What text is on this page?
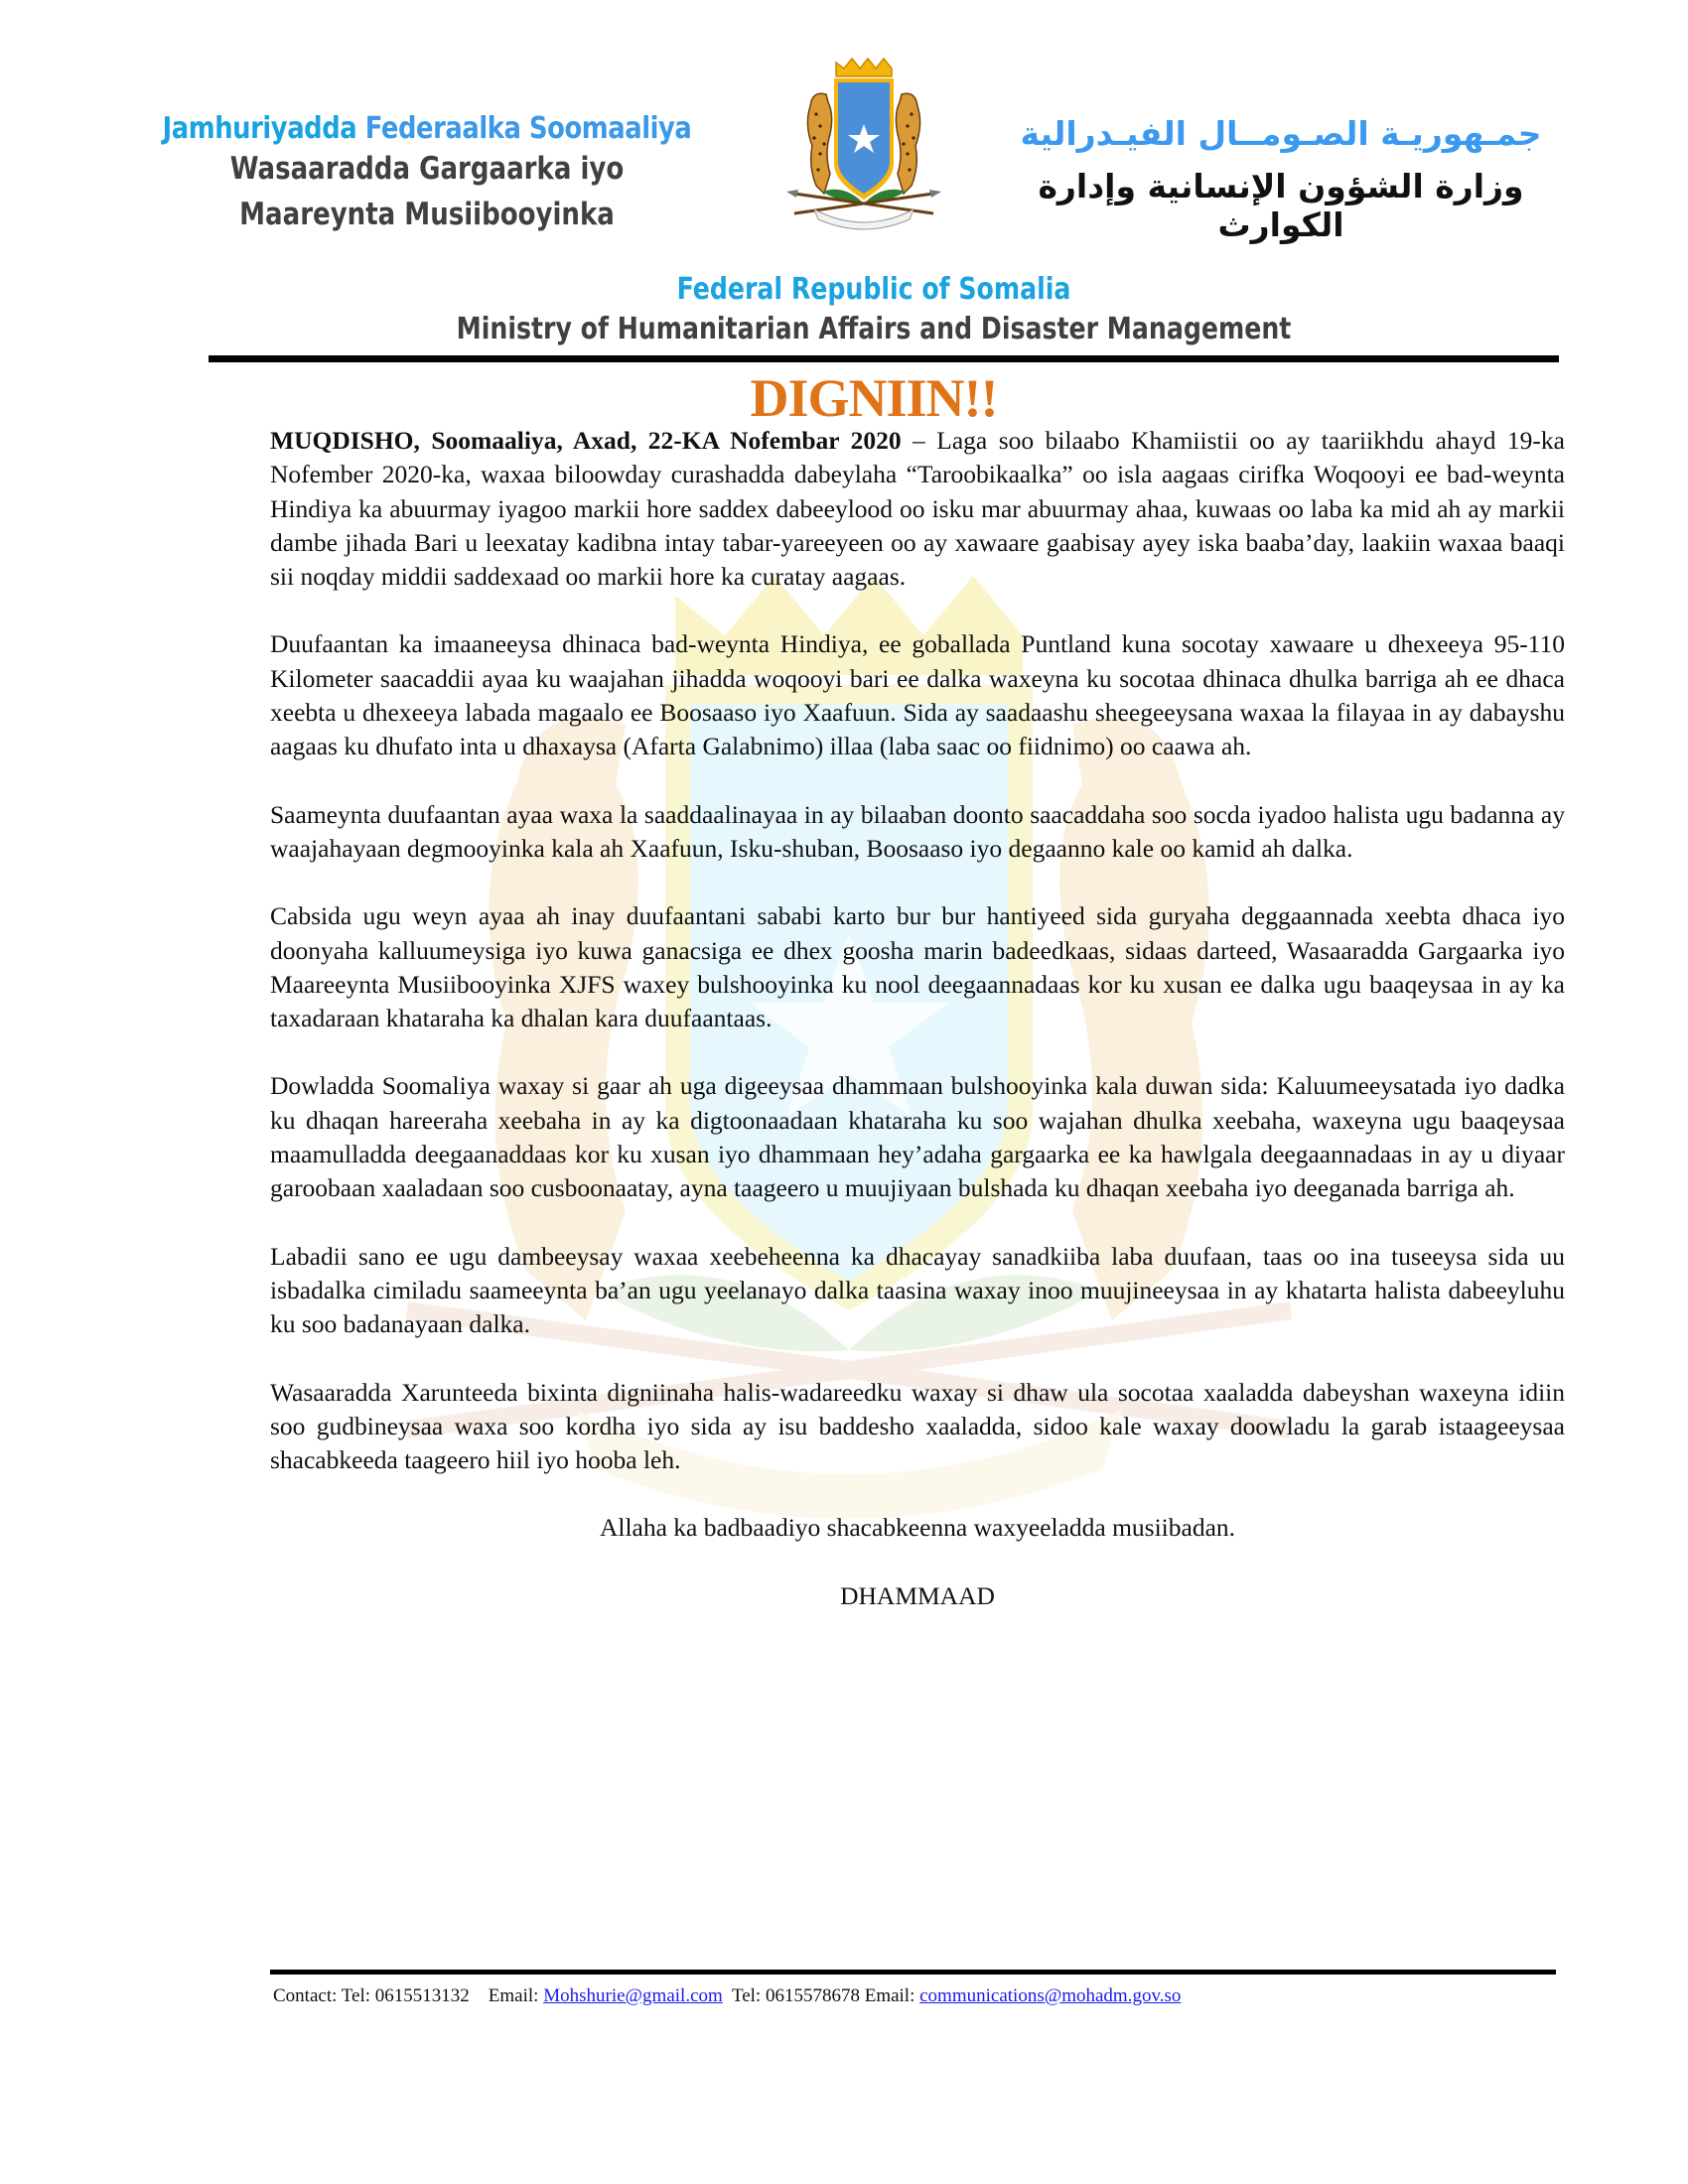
Jamhuriyadda Federaalka Soomaaliya
Wasaaradda Gargaarka iyo
Maareynta Musiibooyinka
جمـهوريـة الصـومــال الفيـدرالية
وزارة الشؤون الإنسانية وإدارة الكوارث
Federal Republic of Somalia
Ministry of Humanitarian Affairs and Disaster Management
DIGNIIN!!

MUQDISHO, Soomaaliya, Axad, 22-KA Nofembar 2020 – Laga soo bilaabo Khamiistii oo ay taariikhdu ahayd 19-ka Nofember 2020-ka, waxaa biloowday curashadda dabeylaha “Taroobikaalka” oo isla aagaas cirifka Woqooyi ee bad-weynta Hindiya ka abuurmay iyagoo markii hore saddex dabeeylood oo isku mar abuurmay ahaa, kuwaas oo laba ka mid ah ay markii dambe jihada Bari u leexatay kadibna intay tabar-yareeyeen oo ay xawaare gaabisay ayey iska baaba’day, laakiin waxaa baaqi sii noqday middii saddexaad oo markii hore ka curatay aagaas.

Duufaantan ka imaaneeysa dhinaca bad-weynta Hindiya, ee goballada Puntland kuna socotay xawaare u dhexeeya 95-110 Kilometer saacaddii ayaa ku waajahan jihadda woqooyi bari ee dalka waxeyna ku socotaa dhinaca dhulka barriga ah ee dhaca xeebta u dhexeeya labada magaalo ee Boosaaso iyo Xaafuun. Sida ay saadaashu sheegeeysana waxaa la filayaa in ay dabayshu aagaas ku dhufato inta u dhaxaysa (Afarta Galabnimo) illaa (laba saac oo fiidnimo) oo caawa ah.

Saameynta duufaantan ayaa waxa la saaddaalinayaa in ay bilaaban doonto saacaddaha soo socda iyadoo halista ugu badanna ay waajahayaan degmooyinka kala ah Xaafuun, Isku-shuban, Boosaaso iyo degaanno kale oo kamid ah dalka.

Cabsida ugu weyn ayaa ah inay duufaantani sababi karto bur bur hantiyeed sida guryaha deggaannada xeebta dhaca iyo doonyaha kalluumeysiga iyo kuwa ganacsiga ee dhex goosha marin badeedkaas, sidaas darteed, Wasaaradda Gargaarka iyo Maareeynta Musiibooyinka XJFS waxey bulshooyinka ku nool deegaannadaas kor ku xusan ee dalka ugu baaqeysaa in ay ka taxadaraan khataraha ka dhalan kara duufaantaas.

Dowladda Soomaliya waxay si gaar ah uga digeeysaa dhammaan bulshooyinka kala duwan sida: Kaluumeeysatada iyo dadka ku dhaqan hareeraha xeebaha in ay ka digtoonaadaan khataraha ku soo wajahan dhulka xeebaha, waxeyna ugu baaqeysaa maamulladda deegaanaddaas kor ku xusan iyo dhammaan hey’adaha gargaarka ee ka hawlgala deegaannadaas in ay u diyaar garoobaan xaaladaan soo cusboonaatay, ayna taageero u muujiyaan bulshada ku dhaqan xeebaha iyo deeganada barriga ah.

Labadii sano ee ugu dambeeysay waxaa xeebeheenna ka dhacayay sanadkiiba laba duufaan, taas oo ina tuseeysa sida uu isbadalka cimiladu saameeynta ba’an ugu yeelanayo dalka taasina waxay inoo muujineeysaa in ay khatarta halista dabeeyluhu ku soo badanayaan dalka.

Wasaaradda Xarunteeda bixinta digniinaha halis-wadareedku waxay si dhaw ula socotaa xaaladda dabeyshan waxeyna idiin soo gudbineysaa waxa soo kordha iyo sida ay isu baddesho xaaladda, sidoo kale waxay doowladu la garab istaageeysaa shacabkeeda taageero hiil iyo hooba leh.

Allaha ka badbaadiyo shacabkeenna waxyeeladda musiibadan.

DHAMMAAD

Contact: Tel: 0615513132    Email: Mohshurie@gmail.com  Tel: 0615578678 Email: communications@mohadm.gov.so
